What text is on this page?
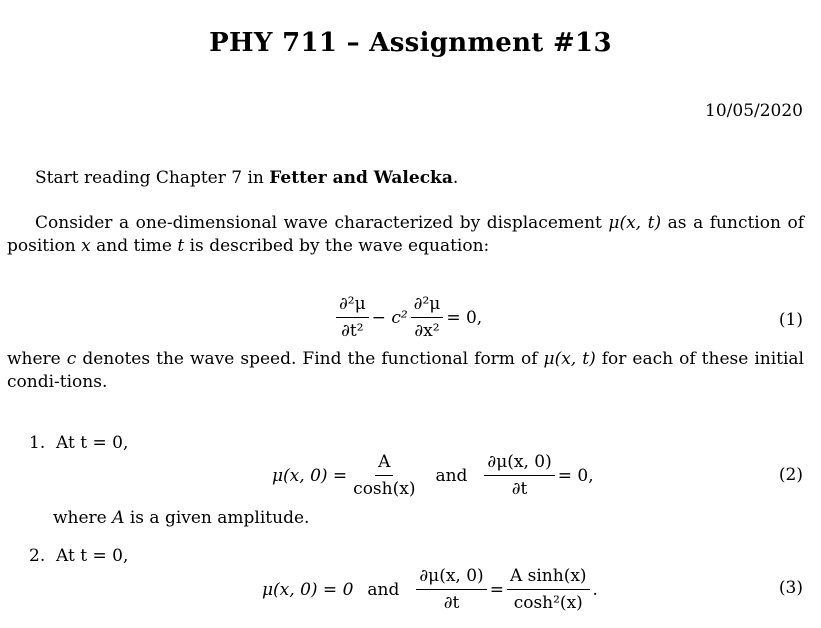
PHY 711 – Assignment #13
10/05/2020
Start reading Chapter 7 in Fetter and Walecka.
Consider a one-dimensional wave characterized by displacement μ(x, t) as a function of position x and time t is described by the wave equation:
$\frac{\text{∂²μ}}{\text{∂t²}}$ −
$c^2 \frac{\text{∂²μ}}{\text{∂x²}} = 0$,	(1)
where c denotes the wave speed. Find the functional form of μ(x, t) for each of these initial condi-tions.
1. At t = 0,
μ(x, $0) = \frac{A}{\cosh(x)}$ and $\frac{\partial\mu(x, 0)}{\partial t} = 0$,	(2)
where A is a given amplitude.
2. At t = 0,
μ(x, 0) = 0 and $\frac{\partial\mu(x, 0)}{\partial t} = \frac{\text{A sinh(x)}}{\text{cosh²(x)}}$ .	(3)
